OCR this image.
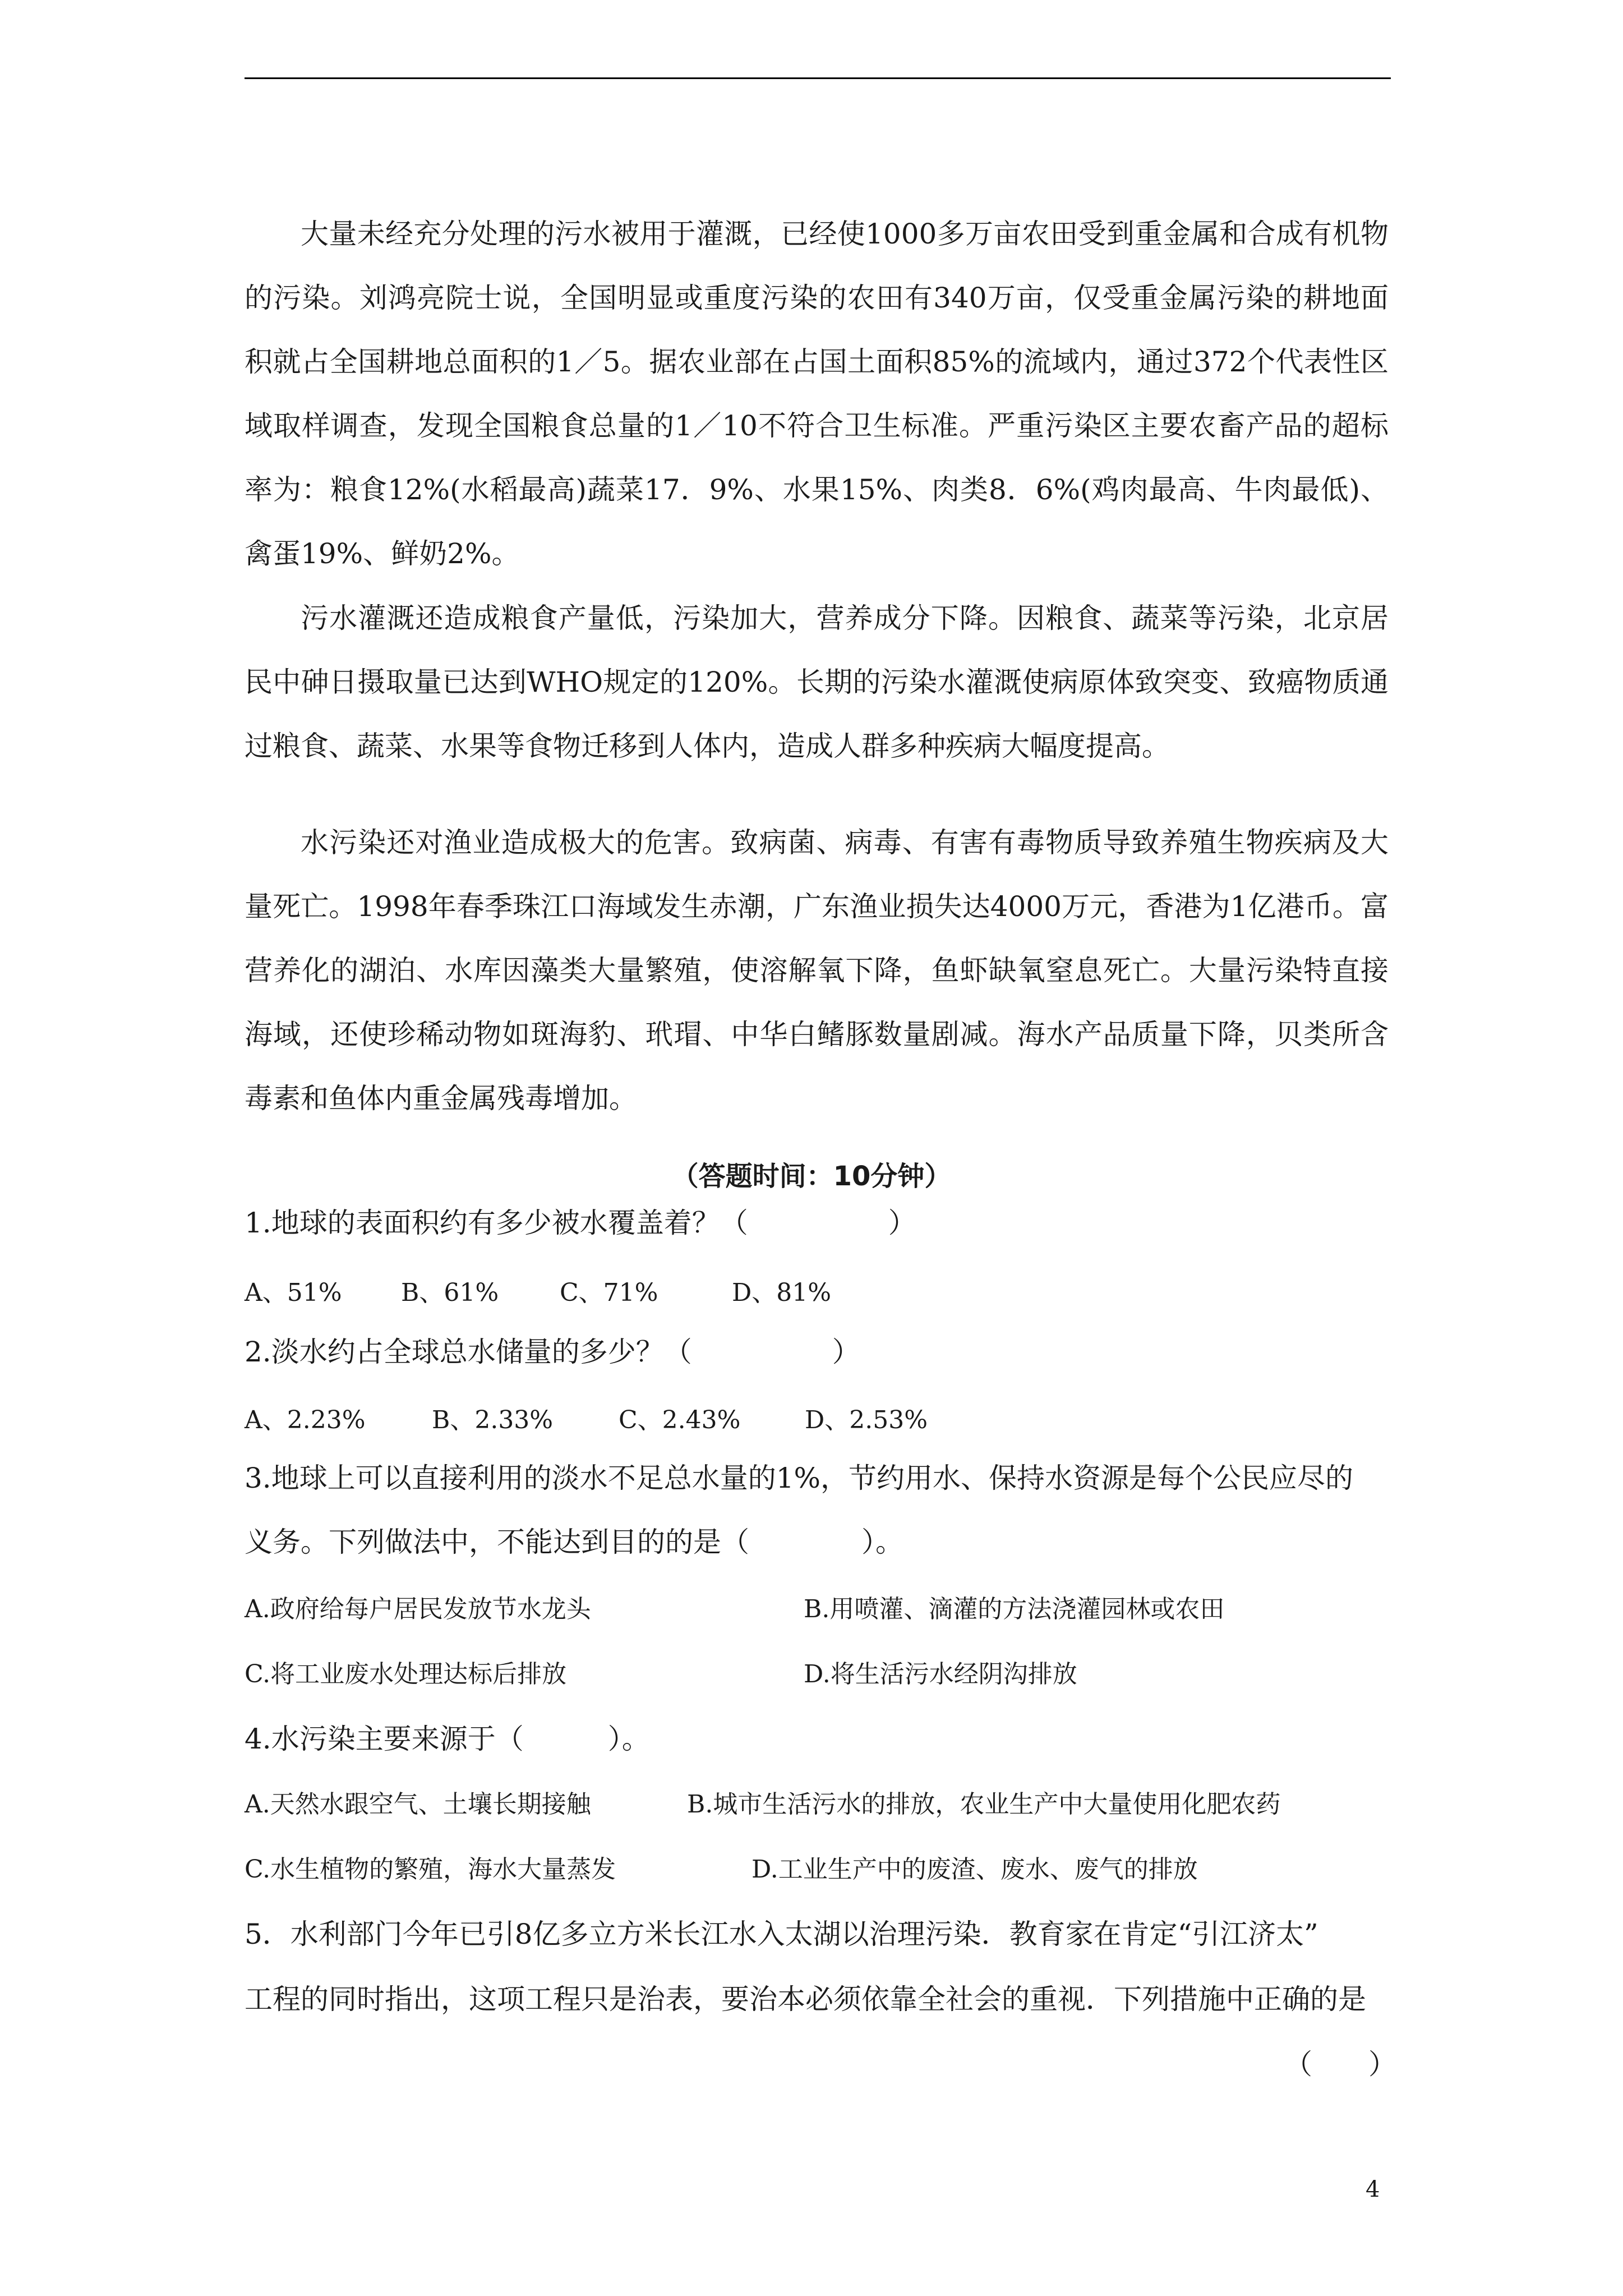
大量未经充分处理的污水被用于灌溉，已经使1000多万亩农田受到重金属和合成有机物的污染。刘鸿亮院士说，全国明显或重度污染的农田有340万亩，仅受重金属污染的耕地面积就占全国耕地总面积的1／5。据农业部在占国土面积85%的流域内，通过372个代表性区域取样调查，发现全国粮食总量的1／10不符合卫生标准。严重污染区主要农畜产品的超标率为：粮食12%(水稻最高)蔬菜17．9%、水果15%、肉类8．6%(鸡肉最高、牛肉最低)、禽蛋19%、鲜奶2%。

污水灌溉还造成粮食产量低，污染加大，营养成分下降。因粮食、蔬菜等污染，北京居民中砷日摄取量已达到WHO规定的120%。长期的污染水灌溉使病原体致突变、致癌物质通过粮食、蔬菜、水果等食物迁移到人体内，造成人群多种疾病大幅度提高。

水污染还对渔业造成极大的危害。致病菌、病毒、有害有毒物质导致养殖生物疾病及大量死亡。1998年春季珠江口海域发生赤潮，广东渔业损失达4000万元，香港为1亿港币。富营养化的湖泊、水库因藻类大量繁殖，使溶解氧下降，鱼虾缺氧窒息死亡。大量污染特直接海域，还使珍稀动物如斑海豹、玳瑁、中华白鳍豚数量剧减。海水产品质量下降，贝类所含毒素和鱼体内重金属残毒增加。

（答题时间：10分钟）
1.地球的表面积约有多少被水覆盖着？（　　　　　）
A、51% B、61% C、71%	D、81%
2.淡水约占全球总水储量的多少？（　　　　　）
A、2.23%	B、2.33%	C、2.43%	D、2.53%
3.地球上可以直接利用的淡水不足总水量的1%，节约用水、保持水资源是每个公民应尽的
义务。下列做法中，不能达到目的的是（　　　　）。
A.政府给每户居民发放节水龙头	B.用喷灌、滴灌的方法浇灌园林或农田
C.将工业废水处理达标后排放	D.将生活污水经阴沟排放
4.水污染主要来源于（　　　）。
A.天然水跟空气、土壤长期接触	B.城市生活污水的排放，农业生产中大量使用化肥农药
C.水生植物的繁殖，海水大量蒸发	D.工业生产中的废渣、废水、废气的排放
5．水利部门今年已引8亿多立方米长江水入太湖以治理污染．教育家在肯定“引江济太”
工程的同时指出，这项工程只是治表，要治本必须依靠全社会的重视．下列措施中正确的是
（　　）
4
